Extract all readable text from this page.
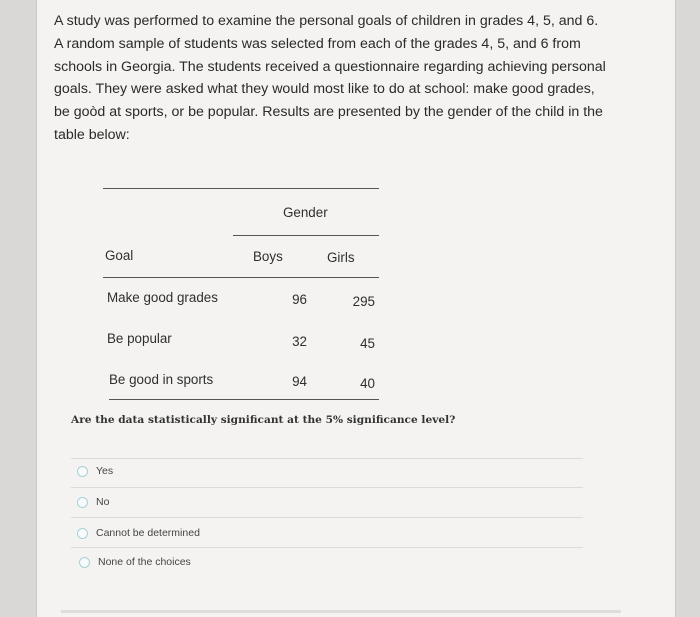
A study was performed to examine the personal goals of children in grades 4, 5, and 6.
A random sample of students was selected from each of the grades 4, 5, and 6 from
schools in Georgia. The students received a questionnaire regarding achieving personal
goals. They were asked what they would most like to do at school: make good grades,
be goòd at sports, or be popular. Results are presented by the gender of the child in the
table below:
Gender
Goal	Boys	Girls
Make good grades	96	295
Be popular	32	45
Be good in sports	94	40
Are the data statistically significant at the 5% significance level?
Yes
No
Cannot be determined
None of the choices
